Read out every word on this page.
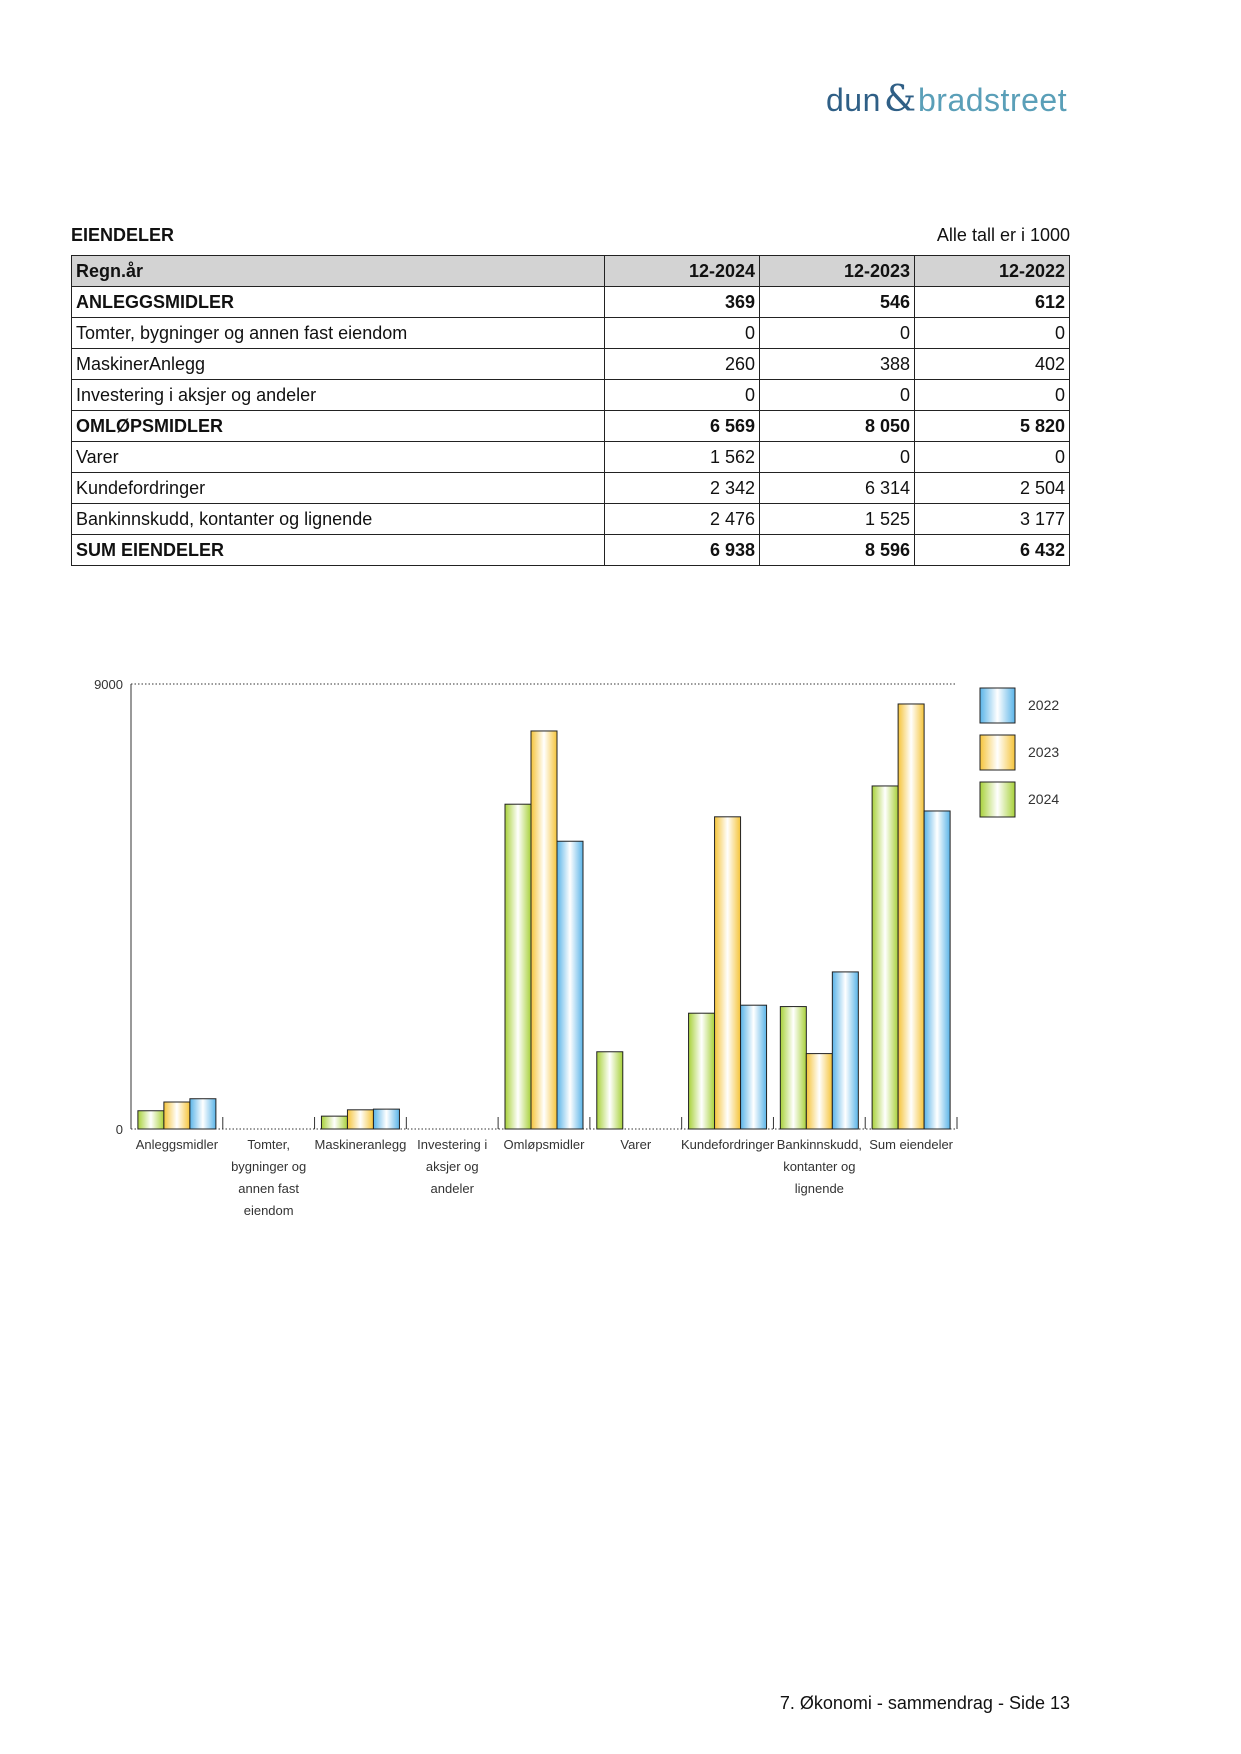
dun & bradstreet
EIENDELER	Alle tall er i 1000
Regn.år	12-2024	12-2023	12-2022
ANLEGGSMIDLER	369	546	612
Tomter, bygninger og annen fast eiendom	0	0	0
MaskinerAnlegg	260	388	402
Investering i aksjer og andeler	0	0	0
OMLØPSMIDLER	6 569	8 050	5 820
Varer	1 562	0	0
Kundefordringer	2 342	6 314	2 504
Bankinnskudd, kontanter og lignende	2 476	1 525	3 177
SUM EIENDELER	6 938	8 596	6 432
0
9000
Anleggsmidler Tomter,
bygninger og
annen fast
eiendom
Maskineranlegg Investering i
aksjer og
andeler
Omløpsmidler	Varer Kundefordringer Bankinnskudd,
kontanter og
lignende
Sum eiendeler
2022
2023
2024
7. Økonomi - sammendrag - Side 13
